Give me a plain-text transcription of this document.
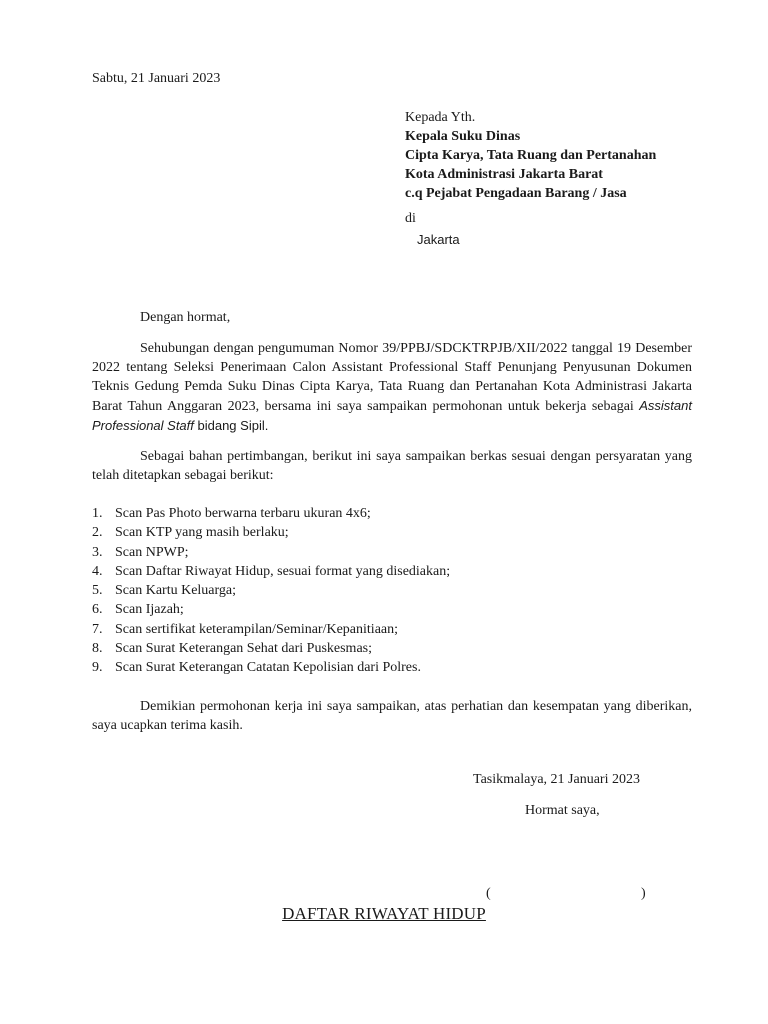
Sabtu, 21 Januari 2023
Kepada Yth.
Kepala Suku Dinas
Cipta Karya, Tata Ruang dan Pertanahan
Kota Administrasi Jakarta Barat
c.q Pejabat Pengadaan Barang / Jasa
di
Jakarta
Dengan hormat,

Sehubungan dengan pengumuman Nomor 39/PPBJ/SDCKTRPJB/XII/2022 tanggal 19 Desember 2022 tentang Seleksi Penerimaan Calon Assistant Professional Staff Penunjang Penyusunan Dokumen Teknis Gedung Pemda Suku Dinas Cipta Karya, Tata Ruang dan Pertanahan Kota Administrasi Jakarta Barat Tahun Anggaran 2023, bersama ini saya sampaikan permohonan untuk bekerja sebagai Assistant Professional Staff bidang Sipil.

Sebagai bahan pertimbangan, berikut ini saya sampaikan berkas sesuai dengan persyaratan yang telah ditetapkan sebagai berikut:

1. Scan Pas Photo berwarna terbaru ukuran 4x6;
2. Scan KTP yang masih berlaku;
3. Scan NPWP;
4. Scan Daftar Riwayat Hidup, sesuai format yang disediakan;
5. Scan Kartu Keluarga;
6. Scan Ijazah;
7. Scan sertifikat keterampilan/Seminar/Kepanitiaan;
8. Scan Surat Keterangan Sehat dari Puskesmas;
9. Scan Surat Keterangan Catatan Kepolisian dari Polres.

Demikian permohonan kerja ini saya sampaikan, atas perhatian dan kesempatan yang diberikan, saya ucapkan terima kasih.

Tasikmalaya, 21 Januari 2023
Hormat saya,
(	)
DAFTAR RIWAYAT HIDUP
